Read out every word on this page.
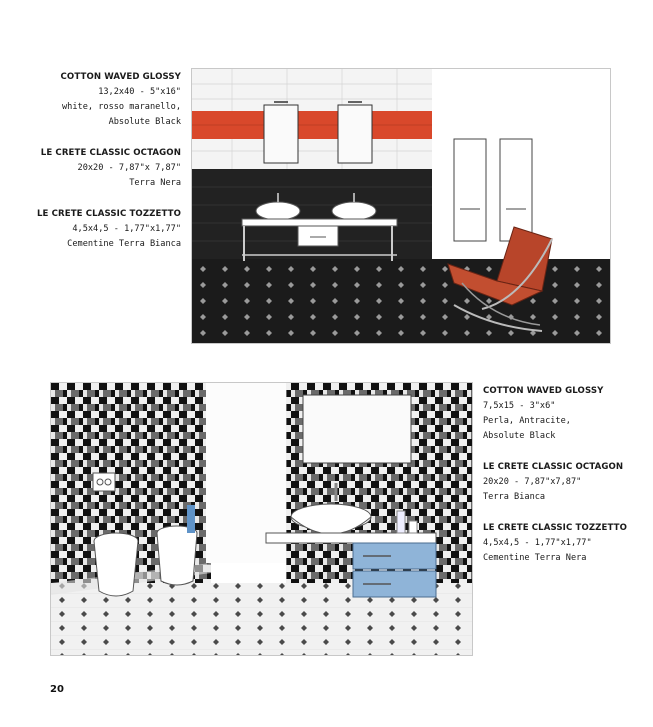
COTTON WAVED GLOSSY
13,2x40 - 5"x16"
white, rosso maranello,
Absolute Black
LE CRETE CLASSIC OCTAGON
20x20 - 7,87"x 7,87"
Terra Nera
LE CRETE CLASSIC TOZZETTO
4,5x4,5 - 1,77"x1,77"
Cementine Terra Bianca
COTTON WAVED GLOSSY
7,5x15 - 3"x6"
Perla, Antracite,
Absolute Black
LE CRETE CLASSIC OCTAGON
20x20 - 7,87"x7,87"
Terra Bianca
LE CRETE CLASSIC TOZZETTO
4,5x4,5 - 1,77"x1,77"
Cementine Terra Nera
20
